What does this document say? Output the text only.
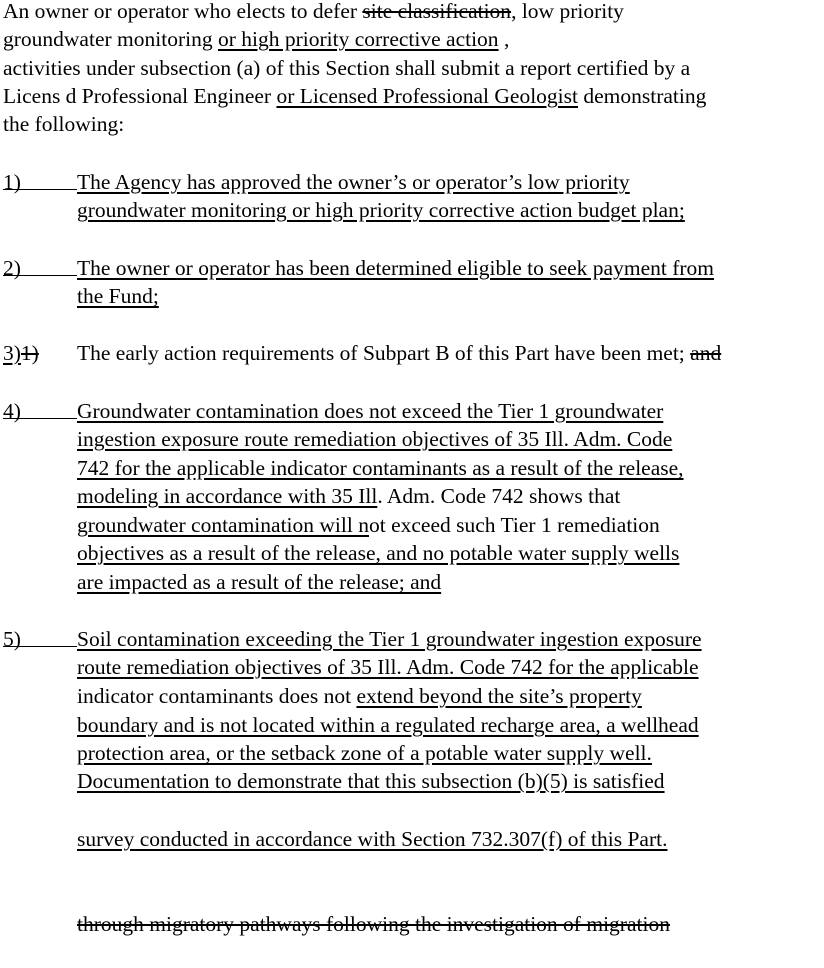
An owner or operator who elects to defer site classification, low priority
groundwater monitoring or high priority corrective action ,
activities under subsection (a) of this Section shall submit a report certified by a
Licens d Professional Engineer or Licensed Professional Geologist demonstrating
the following:
1)	The Agency has approved the owner’s or operator’s low priority
groundwater monitoring or high priority corrective action budget plan;
2)	The owner or operator has been determined eligible to seek payment from
the Fund;
3)1) The early action requirements of Subpart B of this Part have been met; and
4)	Groundwater contamination does not exceed the Tier 1 groundwater
ingestion exposure route remediation objectives of 35 Ill. Adm. Code
742 for the applicable indicator contaminants as a result of the release,
modeling in accordance with 35 Ill. Adm. Code 742 shows that
groundwater contamination will not exceed such Tier 1 remediation
objectives as a result of the release, and no potable water supply wells
are impacted as a result of the release; and
5)	Soil contamination exceeding the Tier 1 groundwater ingestion exposure
route remediation objectives of 35 Ill. Adm. Code 742 for the applicable
indicator contaminants does not extend beyond the site’s property
boundary and is not located within a regulated recharge area, a wellhead
protection area, or the setback zone of a potable water supply well.
Documentation to demonstrate that this subsection (b)(5) is satisfied
survey conducted in accordance with Section 732.307(f) of this Part.
through migratory pathways following the investigation of migration
